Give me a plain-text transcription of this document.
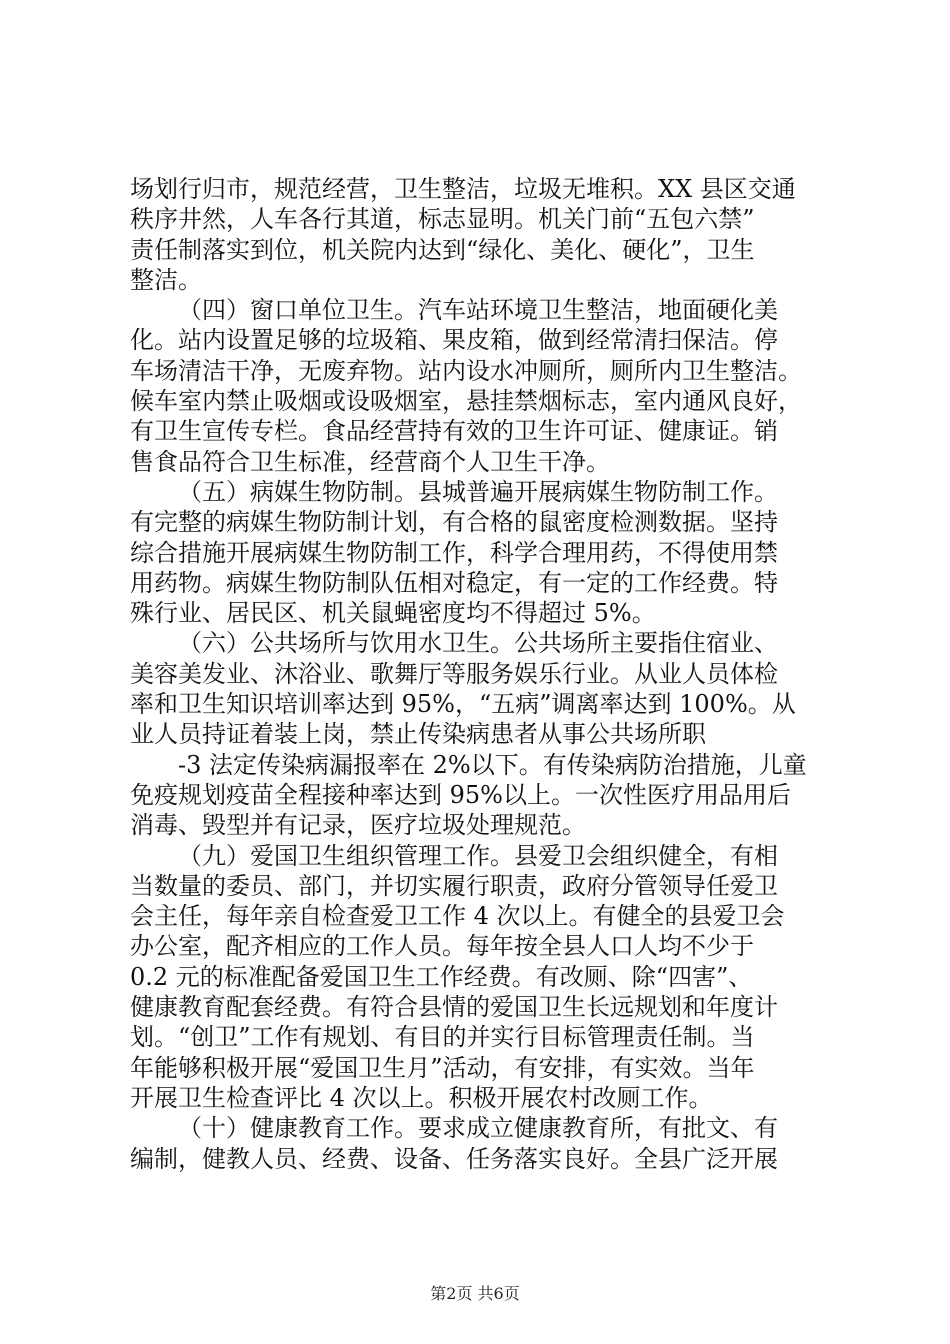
场划行归市，规范经营，卫生整洁，垃圾无堆积。XX 县区交通
秩序井然，人车各行其道，标志显明。机关门前“五包六禁”
责任制落实到位，机关院内达到“绿化、美化、硬化”，卫生
整洁。
（四）窗口单位卫生。汽车站环境卫生整洁，地面硬化美
化。站内设置足够的垃圾箱、果皮箱，做到经常清扫保洁。停
车场清洁干净，无废弃物。站内设水冲厕所，厕所内卫生整洁。
候车室内禁止吸烟或设吸烟室，悬挂禁烟标志，室内通风良好，
有卫生宣传专栏。食品经营持有效的卫生许可证、健康证。销
售食品符合卫生标准，经营商个人卫生干净。
（五）病媒生物防制。县城普遍开展病媒生物防制工作。
有完整的病媒生物防制计划，有合格的鼠密度检测数据。坚持
综合措施开展病媒生物防制工作，科学合理用药，不得使用禁
用药物。病媒生物防制队伍相对稳定，有一定的工作经费。特
殊行业、居民区、机关鼠蝇密度均不得超过 5%。
（六）公共场所与饮用水卫生。公共场所主要指住宿业、
美容美发业、沐浴业、歌舞厅等服务娱乐行业。从业人员体检
率和卫生知识培训率达到 95%，“五病”调离率达到 100%。从
业人员持证着装上岗，禁止传染病患者从事公共场所职
-3 法定传染病漏报率在 2%以下。有传染病防治措施，儿童
免疫规划疫苗全程接种率达到 95%以上。一次性医疗用品用后
消毒、毁型并有记录，医疗垃圾处理规范。
（九）爱国卫生组织管理工作。县爱卫会组织健全，有相
当数量的委员、部门，并切实履行职责，政府分管领导任爱卫
会主任，每年亲自检查爱卫工作 4 次以上。有健全的县爱卫会
办公室，配齐相应的工作人员。每年按全县人口人均不少于
0.2 元的标准配备爱国卫生工作经费。有改厕、除“四害”、
健康教育配套经费。有符合县情的爱国卫生长远规划和年度计
划。“创卫”工作有规划、有目的并实行目标管理责任制。当
年能够积极开展“爱国卫生月”活动，有安排，有实效。当年
开展卫生检查评比 4 次以上。积极开展农村改厕工作。
（十）健康教育工作。要求成立健康教育所，有批文、有
编制，健教人员、经费、设备、任务落实良好。全县广泛开展
第2页 共6页
